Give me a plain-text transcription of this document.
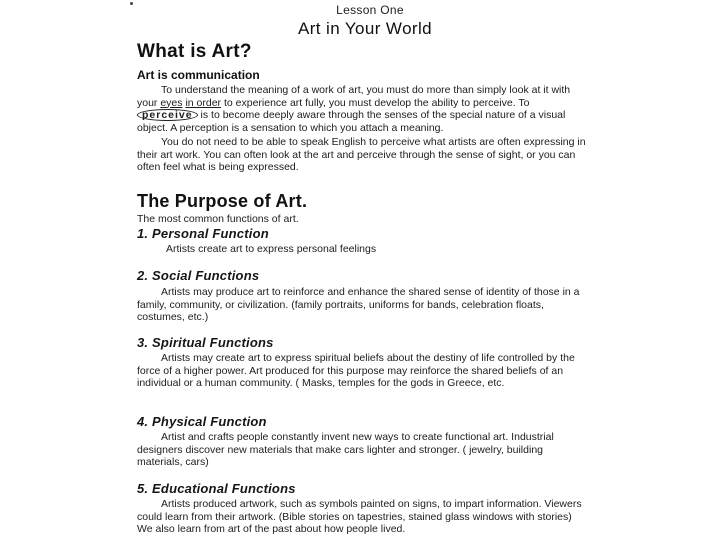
Lesson One
Art in Your World
What is Art?
Art is communication

To understand the meaning of a work of art, you must do more than simply look at it with your eyes in order to experience art fully, you must develop the ability to perceive. To perceive is to become deeply aware through the senses of the special nature of a visual object. A perception is a sensation to which you attach a meaning.

You do not need to be able to speak English to perceive what artists are often expressing in their art work. You can often look at the art and perceive through the sense of sight, or you can often feel what is being expressed.

The Purpose of Art.
The most common functions of art.
1. Personal Function

Artists create art to express personal feelings

2. Social Functions

Artists may produce art to reinforce and enhance the shared sense of identity of those in a family, community, or civilization. (family portraits, uniforms for bands, celebration floats, costumes, etc.)

3. Spiritual Functions

Artists may create art to express spiritual beliefs about the destiny of life controlled by the force of a higher power. Art produced for this purpose may reinforce the shared beliefs of an individual or a human community. ( Masks, temples for the gods in Greece, etc.

4. Physical Function

Artist and crafts people constantly invent new ways to create functional art. Industrial designers discover new materials that make cars lighter and stronger. ( jewelry, building materials, cars)

5. Educational Functions

Artists produced artwork, such as symbols painted on signs, to impart information. Viewers could learn from their artwork. (Bible stories on tapestries, stained glass windows with stories) We also learn from art of the past about how people lived.
